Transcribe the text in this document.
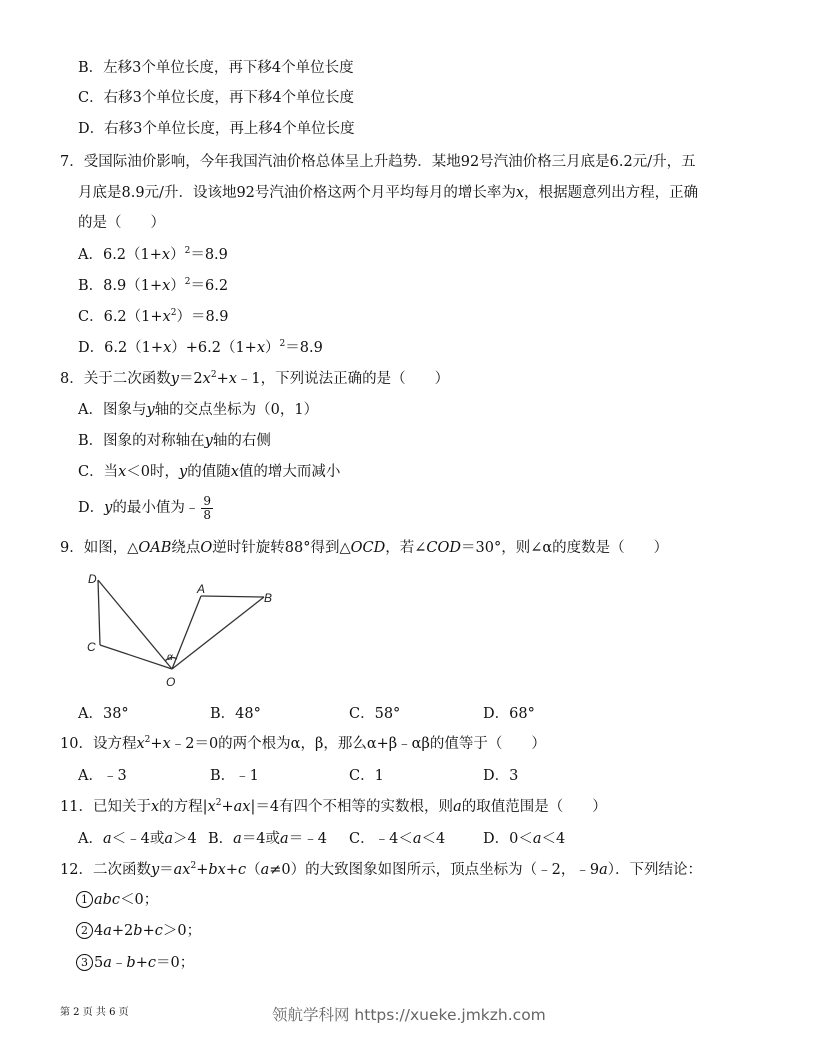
B．左移3个单位长度，再下移4个单位长度
C．右移3个单位长度，再下移4个单位长度
D．右移3个单位长度，再上移4个单位长度
7．受国际油价影响，今年我国汽油价格总体呈上升趋势．某地92号汽油价格三月底是6.2元/升，五
月底是8.9元/升．设该地92号汽油价格这两个月平均每月的增长率为x，根据题意列出方程，正确
的是（　　）
A．$6.2(1+x)^2=8.9$
B．$8.9(1+x)^2=6.2$
C．$6.2(1+x^2)=8.9$
D．$6.2(1+x)+6.2(1+x)^2=8.9$
8．关于二次函数$y=2x^2+x﹣1$，下列说法正确的是（　　）
A．图象与y轴的交点坐标为（0，1）
B．图象的对称轴在y轴的右侧
C．当x＜0时，y的值随x值的增大而减小
D．y的最小值为﹣ $\frac{9}{8}$
9．如图，△OAB绕点O逆时针旋转88°得到△OCD，若∠COD＝30°，则∠α的度数是（　　）
D
A
B
C
O
α
A．38°	B．48°	C．58°	D．68°
10．设方程$x^2+x﹣2=0$的两个根为α，β，那么α+β﹣αβ的值等于（　　）
A．﹣3	B．﹣1	C．1	D．3
11．已知关于x的方程$|x^2+ax|=4$有四个不相等的实数根，则a的取值范围是（　　）
A．a＜﹣4或a＞4 B．a＝4或a＝﹣4 C．﹣4＜a＜4	D．0＜a＜4
12．二次函数$y=ax^2+bx+c(a\ne 0)$的大致图象如图所示，顶点坐标为（﹣2，﹣9a）．下列结论：
1 abc＜0；
2 4a+2b+c＞0；
3 5a﹣b+c＝0；
第 2 页 共 6 页	领航学科网 https://xueke.jmkzh.com
